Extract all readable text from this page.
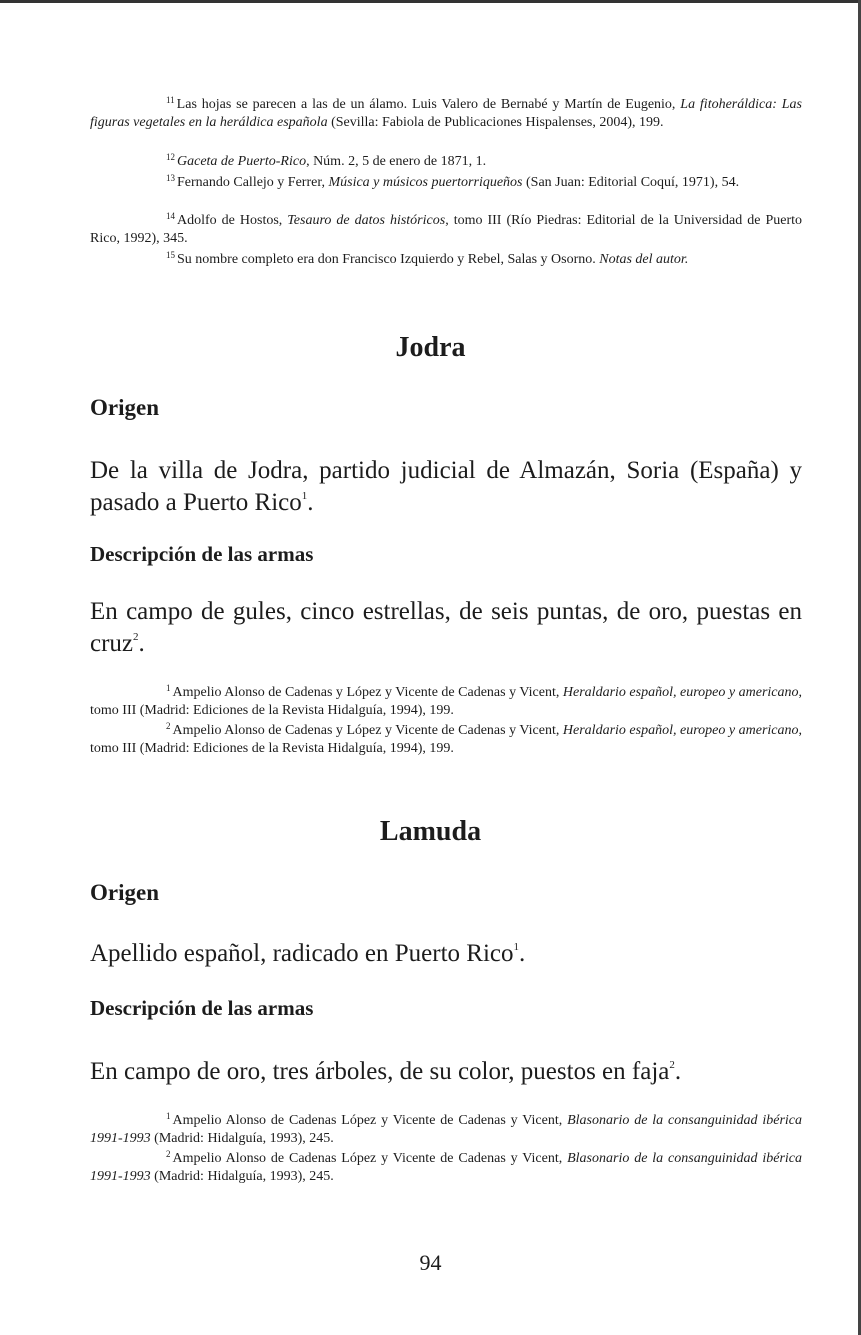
$^{11}$ Las hojas se parecen a las de un álamo. Luis Valero de Bernabé y Martín de Eugenio, La fitoheráldica: Las figuras vegetales en la heráldica española (Sevilla: Fabiola de Publicaciones Hispalenses, 2004), 199.

$^{12}$ Gaceta de Puerto-Rico, Núm. 2, 5 de enero de 1871, 1.

$^{13}$ Fernando Callejo y Ferrer, Música y músicos puertorriqueños (San Juan: Editorial Coquí, 1971), 54.

$^{14}$ Adolfo de Hostos, Tesauro de datos históricos, tomo III (Río Piedras: Editorial de la Universidad de Puerto Rico, 1992), 345.

$^{15}$ Su nombre completo era don Francisco Izquierdo y Rebel, Salas y Osorno. Notas del autor.

Jodra
Origen

De la villa de Jodra, partido judicial de Almazán, Soria (España) y pasado a Puerto Rico$^1$.

Descripción de las armas

En campo de gules, cinco estrellas, de seis puntas, de oro, puestas en cruz$^2$.

$^1$ Ampelio Alonso de Cadenas y López y Vicente de Cadenas y Vicent, Heraldario español, europeo y americano, tomo III (Madrid: Ediciones de la Revista Hidalguía, 1994), 199.

$^2$ Ampelio Alonso de Cadenas y López y Vicente de Cadenas y Vicent, Heraldario español, europeo y americano, tomo III (Madrid: Ediciones de la Revista Hidalguía, 1994), 199.

Lamuda
Origen

Apellido español, radicado en Puerto Rico$^1$.

Descripción de las armas

En campo de oro, tres árboles, de su color, puestos en faja$^2$.

$^1$ Ampelio Alonso de Cadenas López y Vicente de Cadenas y Vicent, Blasonario de la consanguinidad ibérica 1991-1993 (Madrid: Hidalguía, 1993), 245.

$^2$ Ampelio Alonso de Cadenas López y Vicente de Cadenas y Vicent, Blasonario de la consanguinidad ibérica 1991-1993 (Madrid: Hidalguía, 1993), 245.

94
